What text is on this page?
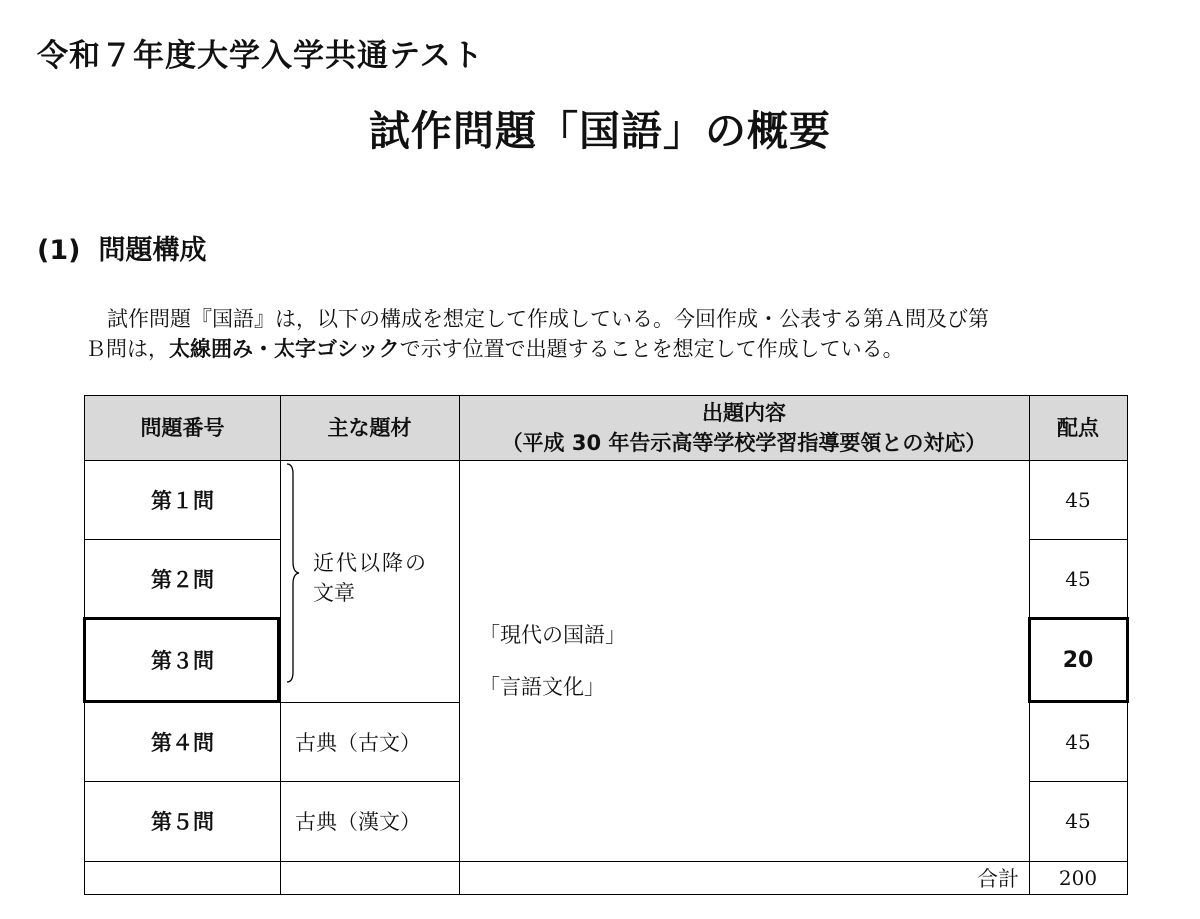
令和７年度大学入学共通テスト
試作問題「国語」の概要
(1) 問題構成
試作問題『国語』は，以下の構成を想定して作成している。今回作成・公表する第Ａ問及び第
Ｂ問は，太線囲み・太字ゴシックで示す位置で出題することを想定して作成している。
問題番号	主な題材
出題内容
（平成 30 年告示高等学校学習指導要領との対応）
配点
第１問
第２問
第３問
第４問
第５問
近代以降の
文章
古典（古文）
古典（漢文）
「現代の国語」
「言語文化」
45
45
20
45
45
合計	200
